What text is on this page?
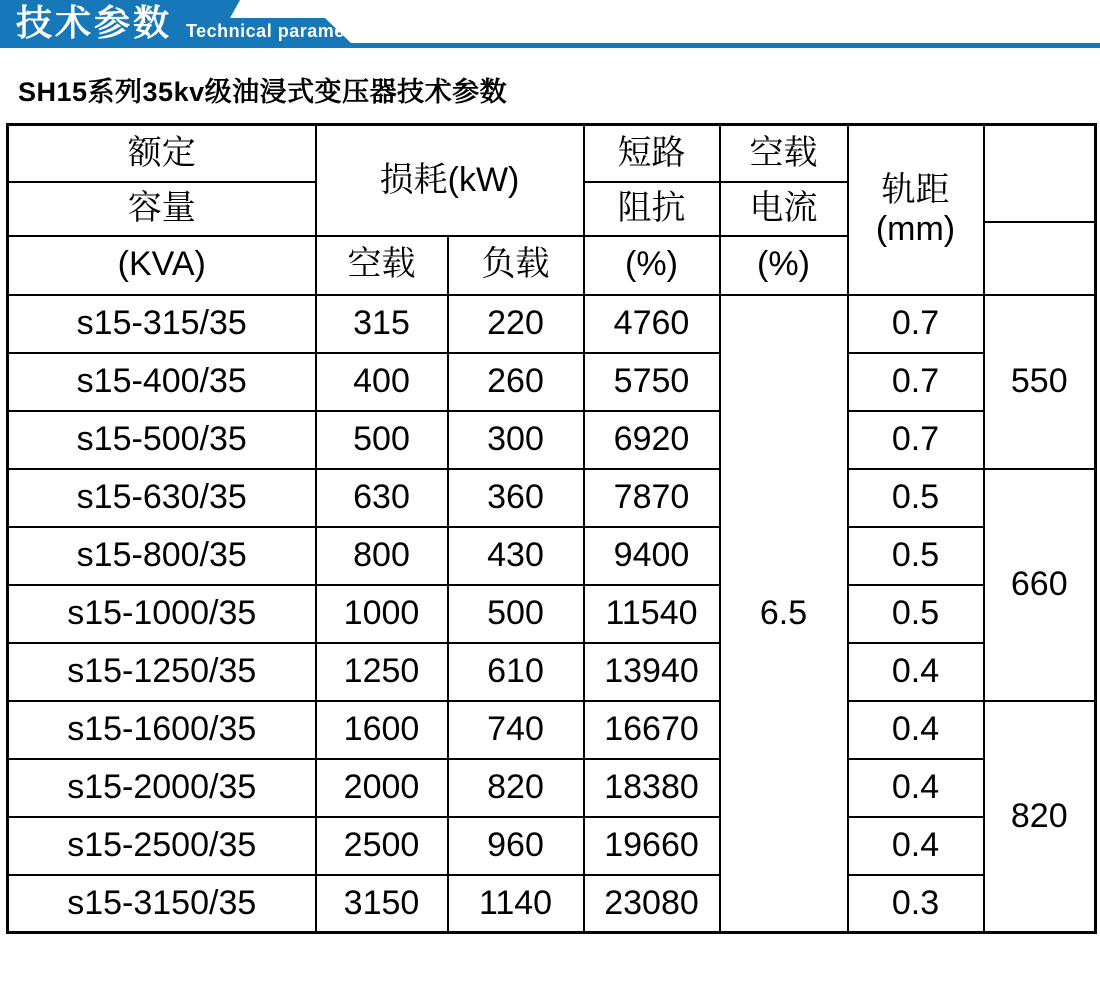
技术参数 Technical parameter
SH15系列35kv级油浸式变压器技术参数
额定	损耗(kW)		短路	空载	轨距
(mm)	

容量			阻抗	电流		
(KVA)	空载	负载	(%)	(%)		
s15-315/35	315	220	4760	6.5	0.7	550
s15-400/35	400	260	5750		0.7	
s15-500/35	500	300	6920		0.7	
s15-630/35	630	360	7870		0.5	660
s15-800/35	800	430	9400		0.5	
s15-1000/35	1000	500	11540		0.5	
s15-1250/35	1250	610	13940		0.4	
s15-1600/35	1600	740	16670		0.4	820
s15-2000/35	2000	820	18380		0.4	
s15-2500/35	2500	960	19660		0.4	
s15-3150/35	3150	1140	23080		0.3	
